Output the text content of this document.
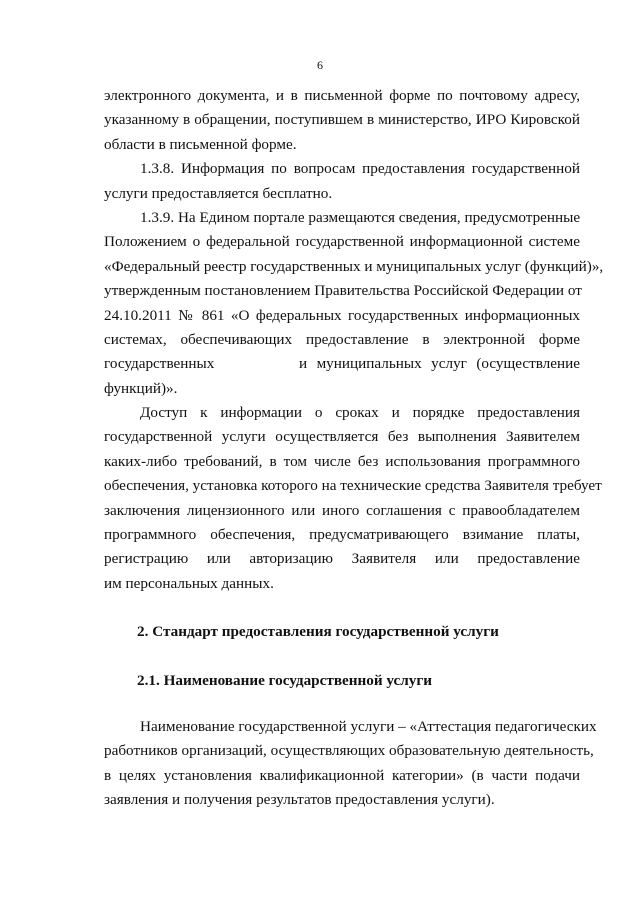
6
электронного документа, и в письменной форме по почтовому адресу,
указанному в обращении, поступившем в министерство, ИРО Кировской
области в письменной форме.
1.3.8. Информация по вопросам предоставления государственной
услуги предоставляется бесплатно.
1.3.9. На Едином портале размещаются сведения, предусмотренные
Положением о федеральной государственной информационной системе
«Федеральный реестр государственных и муниципальных услуг (функций)»,
утвержденным постановлением Правительства Российской Федерации от
24.10.2011 № 861 «О федеральных государственных информационных
системах, обеспечивающих предоставление в электронной форме
государственных	и муниципальных услуг (осуществление
функций)».
Доступ к информации о сроках и порядке предоставления
государственной услуги осуществляется без выполнения Заявителем
каких-либо требований, в том числе без использования программного
обеспечения, установка которого на технические средства Заявителя требует
заключения лицензионного или иного соглашения с правообладателем
программного обеспечения, предусматривающего взимание платы,
регистрацию или авторизацию Заявителя или предоставление
им персональных данных.
2. Стандарт предоставления государственной услуги
2.1. Наименование государственной услуги
Наименование государственной услуги – «Аттестация педагогических
работников организаций, осуществляющих образовательную деятельность,
в целях установления квалификационной категории» (в части подачи
заявления и получения результатов предоставления услуги).
